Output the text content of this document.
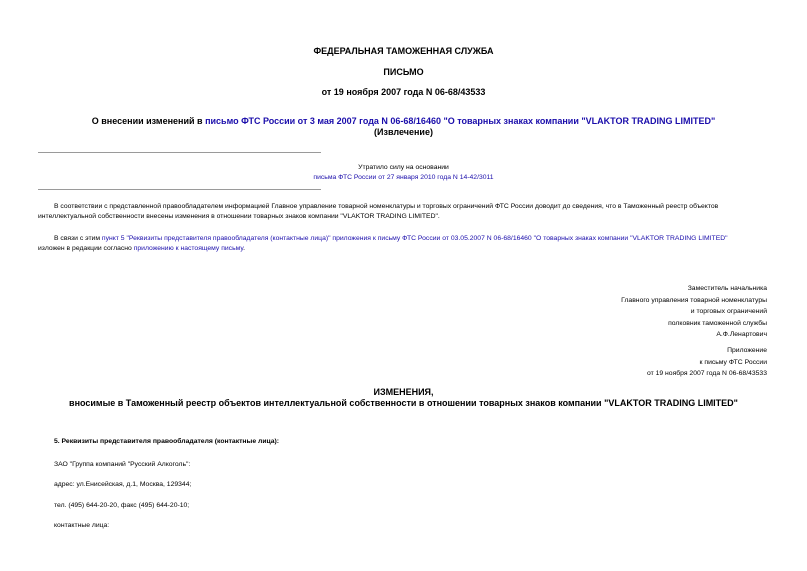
ФЕДЕРАЛЬНАЯ ТАМОЖЕННАЯ СЛУЖБА
ПИСЬМО
от 19 ноября 2007 года N 06-68/43533
О внесении изменений в письмо ФТС России от 3 мая 2007 года N 06-68/16460 "О товарных знаках компании "VLAKTOR TRADING LIMITED"
(Извлечение)
Утратило силу на основании
письма ФТС России от 27 января 2010 года N 14-42/3011
В соответствии с представленной правообладателем информацией Главное управление товарной номенклатуры и торговых ограничений ФТС России доводит до сведения, что в Таможенный реестр объектов интеллектуальной собственности внесены изменения в отношении товарных знаков компании "VLAKTOR TRADING LIMITED".
В связи с этим пункт 5 "Реквизиты представителя правообладателя (контактные лица)" приложения к письму ФТС России от 03.05.2007 N 06-68/16460 "О товарных знаках компании "VLAKTOR TRADING LIMITED"
изложен в редакции согласно приложению к настоящему письму.
Заместитель начальника
Главного управления товарной номенклатуры
и торговых ограничений
полковник таможенной службы
А.Ф.Ленартович
Приложение
к письму ФТС России
от 19 ноября 2007 года N 06-68/43533
ИЗМЕНЕНИЯ,
вносимые в Таможенный реестр объектов интеллектуальной собственности в отношении товарных знаков компании "VLAKTOR TRADING LIMITED"
5. Реквизиты представителя правообладателя (контактные лица):
ЗАО "Группа компаний "Русский Алкоголь":
адрес: ул.Енисейская, д.1, Москва, 129344;
тел. (495) 644-20-20, факс (495) 644-20-10;
контактные лица:
